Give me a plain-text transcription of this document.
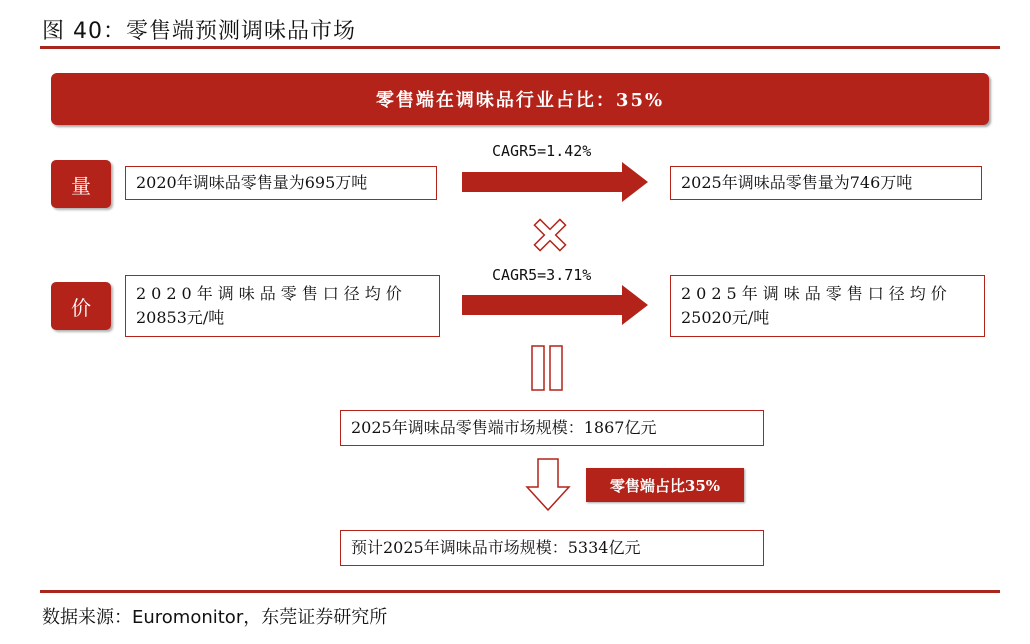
图 40：零售端预测调味品市场
零售端在调味品行业占比：35%
量	2020年调味品零售量为695万吨
CAGR5=1.42%
2025年调味品零售量为746万吨
价
2020年调味品零售口径均价
20853元/吨
CAGR5=3.71%
2025年调味品零售口径均价
25020元/吨
2025年调味品零售端市场规模：1867亿元
零售端占比35%
预计2025年调味品市场规模：5334亿元
数据来源：Euromonitor，东莞证券研究所
